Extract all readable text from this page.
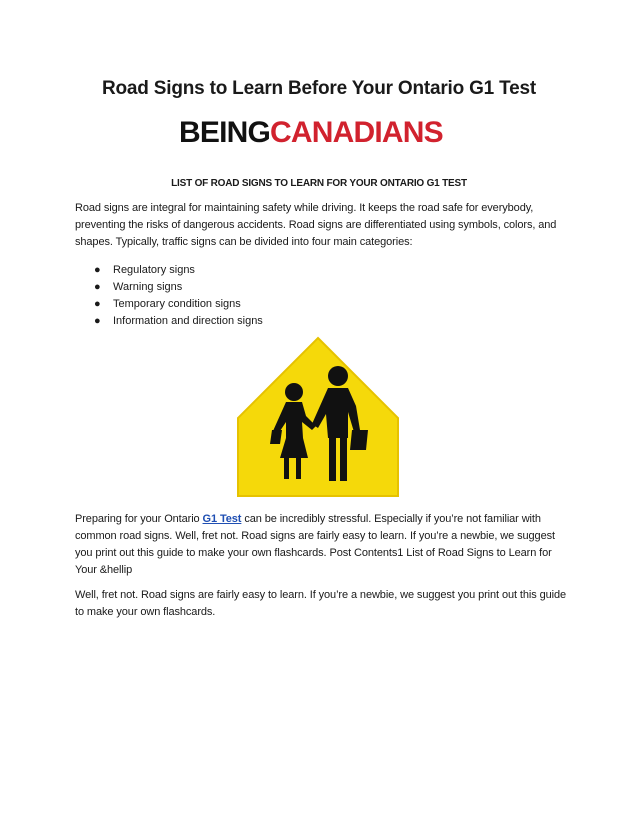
Road Signs to Learn Before Your Ontario G1 Test
BEINGCANADIANS
LIST OF ROAD SIGNS TO LEARN FOR YOUR ONTARIO G1 TEST
Road signs are integral for maintaining safety while driving. It keeps the road safe for everybody, preventing the risks of dangerous accidents. Road signs are differentiated using symbols, colors, and shapes. Typically, traffic signs can be divided into four main categories:
● Regulatory signs
● Warning signs
● Temporary condition signs
● Information and direction signs
Preparing for your Ontario G1 Test can be incredibly stressful. Especially if you’re not familiar with common road signs. Well, fret not. Road signs are fairly easy to learn. If you’re a newbie, we suggest you print out this guide to make your own flashcards. Post Contents1 List of Road Signs to Learn for Your &hellip
Well, fret not. Road signs are fairly easy to learn. If you’re a newbie, we suggest you print out this guide to make your own flashcards.
